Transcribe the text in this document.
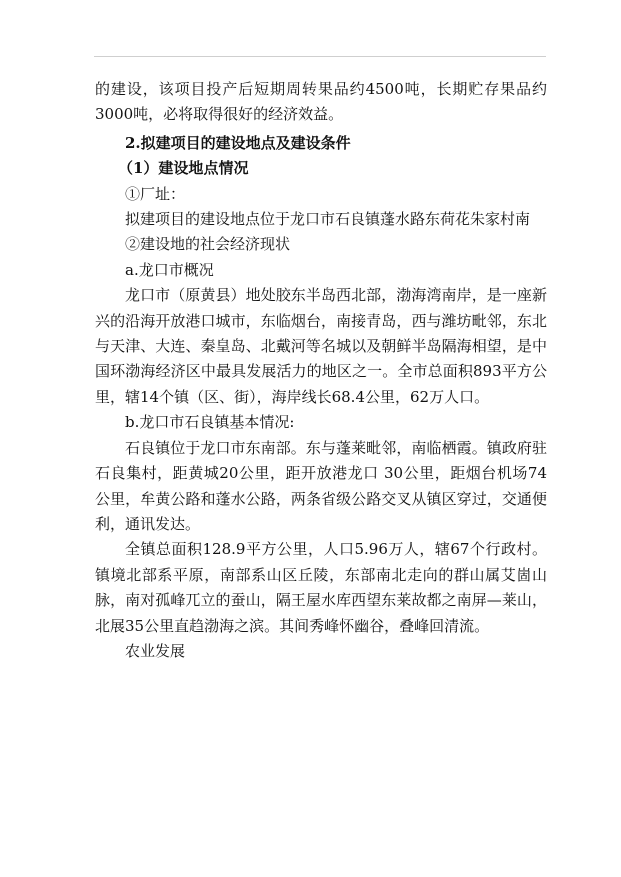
的建设，该项目投产后短期周转果品约4500吨，长期贮存果品约3000吨，必将取得很好的经济效益。

2.拟建项目的建设地点及建设条件

（1）建设地点情况

①厂址：

拟建项目的建设地点位于龙口市石良镇蓬水路东荷花朱家村南

②建设地的社会经济现状

a.龙口市概况

龙口市（原黄县）地处胶东半岛西北部，渤海湾南岸，是一座新兴的沿海开放港口城市，东临烟台，南接青岛，西与潍坊毗邻，东北与天津、大连、秦皇岛、北戴河等名城以及朝鲜半岛隔海相望，是中国环渤海经济区中最具发展活力的地区之一。全市总面积893平方公里，辖14个镇（区、街），海岸线长68.4公里，62万人口。

b.龙口市石良镇基本情况:

石良镇位于龙口市东南部。东与蓬莱毗邻，南临栖霞。镇政府驻石良集村，距黄城20公里，距开放港龙口 30公里，距烟台机场74公里，牟黄公路和蓬水公路，两条省级公路交叉从镇区穿过，交通便利，通讯发达。

全镇总面积128.9平方公里，人口5.96万人，辖67个行政村。镇境北部系平原，南部系山区丘陵，东部南北走向的群山属艾崮山脉，南对孤峰兀立的蚕山，隔王屋水库西望东莱故都之南屏—莱山，北展35公里直趋渤海之滨。其间秀峰怀幽谷，叠峰回清流。

农业发展
